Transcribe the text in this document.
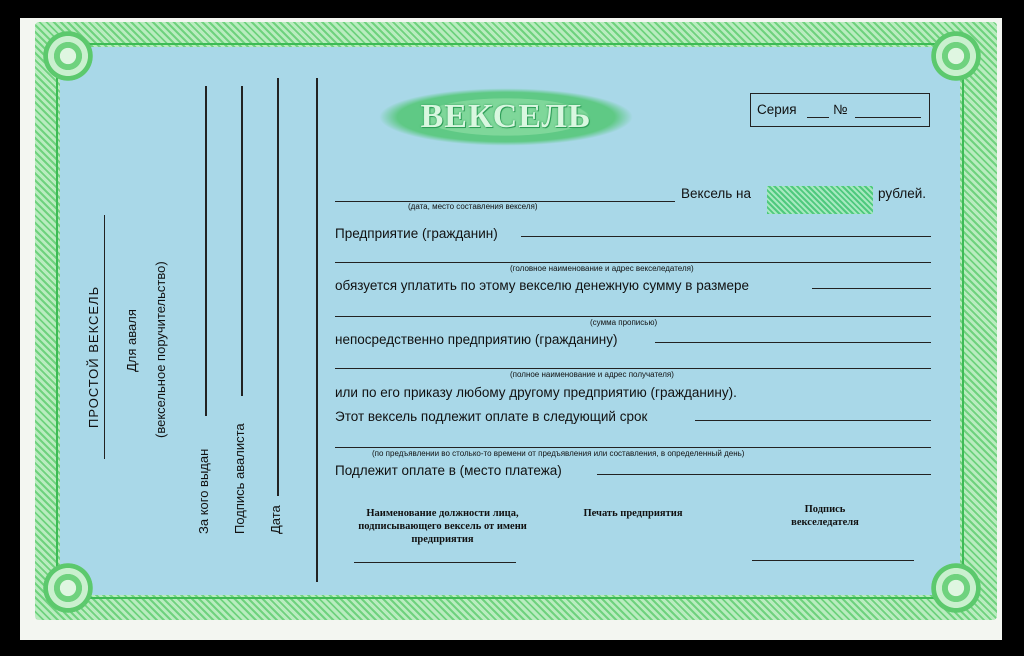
ВЕКСЕЛЬ	Серия	№
ПРОСТОЙ ВЕКСЕЛЬ Для аваля (вексельное поручительство)
За кого выдан Подпись авалиста Дата
(дата, место составления векселя)
Вексель на	рублей.
Предприятие (гражданин)
(головное наименование и адрес векселедателя)
обязуется уплатить по этому векселю денежную сумму в размере
(сумма прописью)
непосредственно предприятию (гражданину)
(полное наименование и адрес получателя)
или по его приказу любому другому предприятию (гражданину).
Этот вексель подлежит оплате в следующий срок
(по предъявлении во столько-то времени от предъявления или составления, в определенный день)
Подлежит оплате в (место платежа)
Наименование должности лица, подписывающего вексель от имени предприятия
Печать предприятия	Подпись векселедателя
